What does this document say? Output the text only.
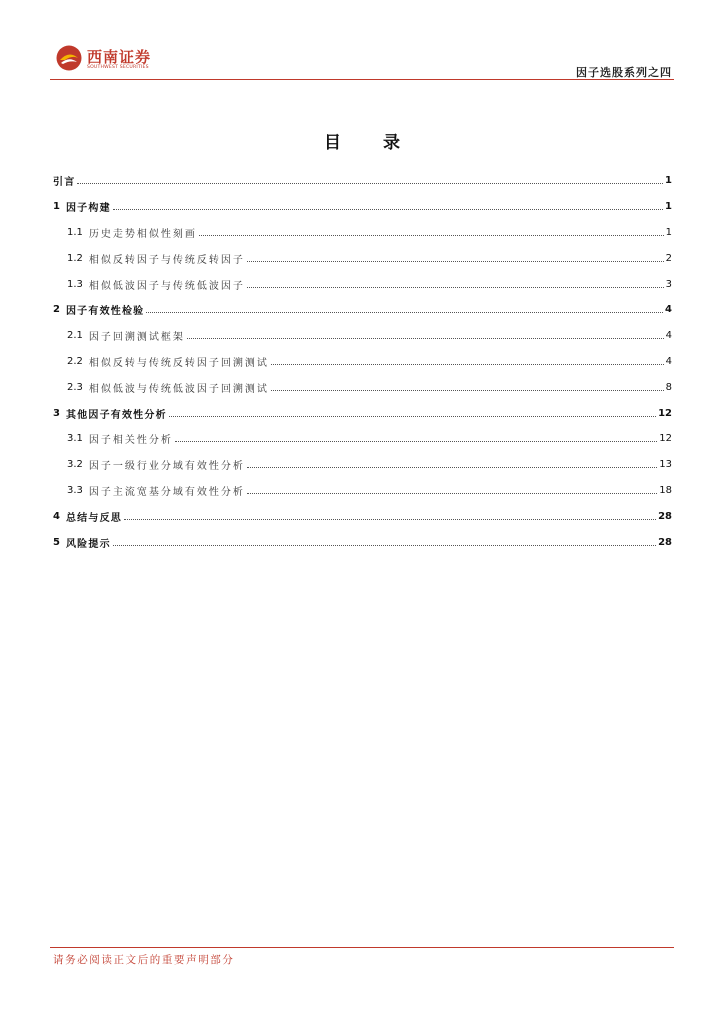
西南证券
SOUTHWEST SECURITIES	因子选股系列之四
目 录
引言	1
1 因子构建	1
1.1 历史走势相似性刻画	1
1.2 相似反转因子与传统反转因子	2
1.3 相似低波因子与传统低波因子	3
2 因子有效性检验	4
2.1 因子回溯测试框架	4
2.2 相似反转与传统反转因子回溯测试	4
2.3 相似低波与传统低波因子回溯测试	8
3 其他因子有效性分析	12
3.1 因子相关性分析	12
3.2 因子一级行业分域有效性分析	13
3.3 因子主流宽基分域有效性分析	18
4 总结与反思	28
5 风险提示	28
请务必阅读正文后的重要声明部分
